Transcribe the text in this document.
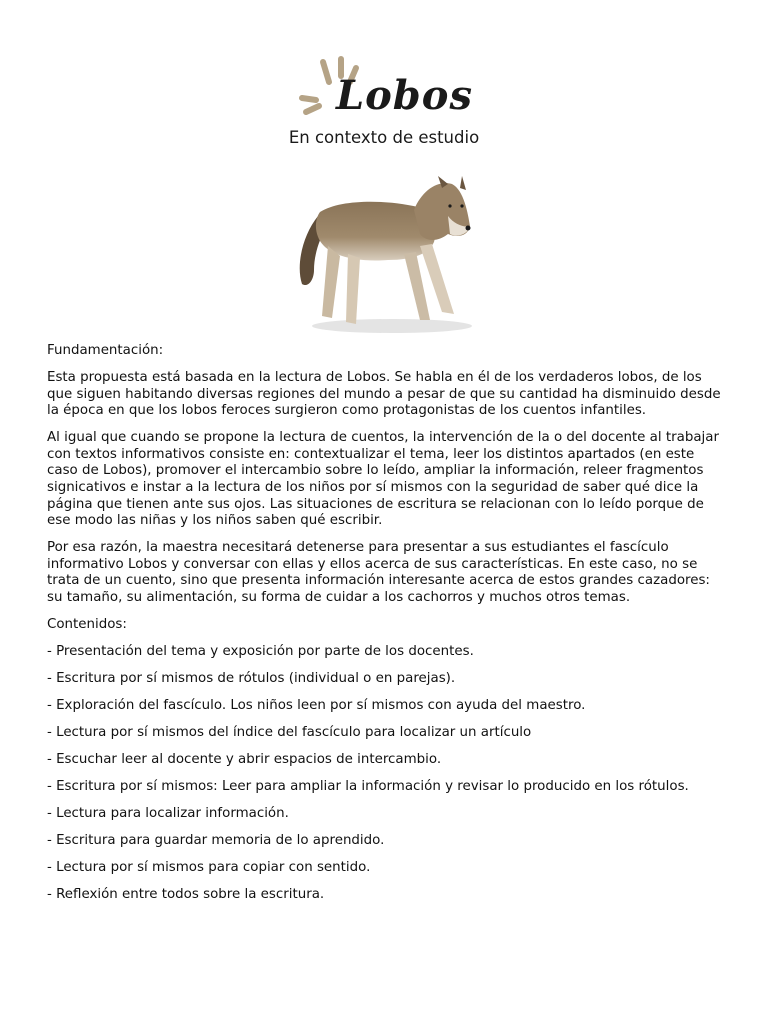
Lobos
En contexto de estudio

Fundamentación:

Esta propuesta está basada en la lectura de Lobos. Se habla en él de los verdaderos lobos, de los que siguen habitando diversas regiones del mundo a pesar de que su cantidad ha disminuido desde la época en que los lobos feroces surgieron como protagonistas de los cuentos infantiles.

Al igual que cuando se propone la lectura de cuentos, la intervención de la o del docente al trabajar con textos informativos consiste en: contextualizar el tema, leer los distintos apartados (en este caso de Lobos), promover el intercambio sobre lo leído, ampliar la información, releer fragmentos signicativos e instar a la lectura de los niños por sí mismos con la seguridad de saber qué dice la página que tienen ante sus ojos. Las situaciones de escritura se relacionan con lo leído porque de ese modo las niñas y los niños saben qué escribir.

Por esa razón, la maestra necesitará detenerse para presentar a sus estudiantes el fascículo informativo Lobos y conversar con ellas y ellos acerca de sus características. En este caso, no se trata de un cuento, sino que presenta información interesante acerca de estos grandes cazadores: su tamaño, su alimentación, su forma de cuidar a los cachorros y muchos otros temas.

Contenidos:

- Presentación del tema y exposición por parte de los docentes.

- Escritura por sí mismos de rótulos (individual o en parejas).

- Exploración del fascículo. Los niños leen por sí mismos con ayuda del maestro.

- Lectura por sí mismos del índice del fascículo para localizar un artículo

- Escuchar leer al docente y abrir espacios de intercambio.

- Escritura por sí mismos: Leer para ampliar la información y revisar lo producido en los rótulos.

- Lectura para localizar información.

- Escritura para guardar memoria de lo aprendido.

- Lectura por sí mismos para copiar con sentido.

- Reflexión entre todos sobre la escritura.
